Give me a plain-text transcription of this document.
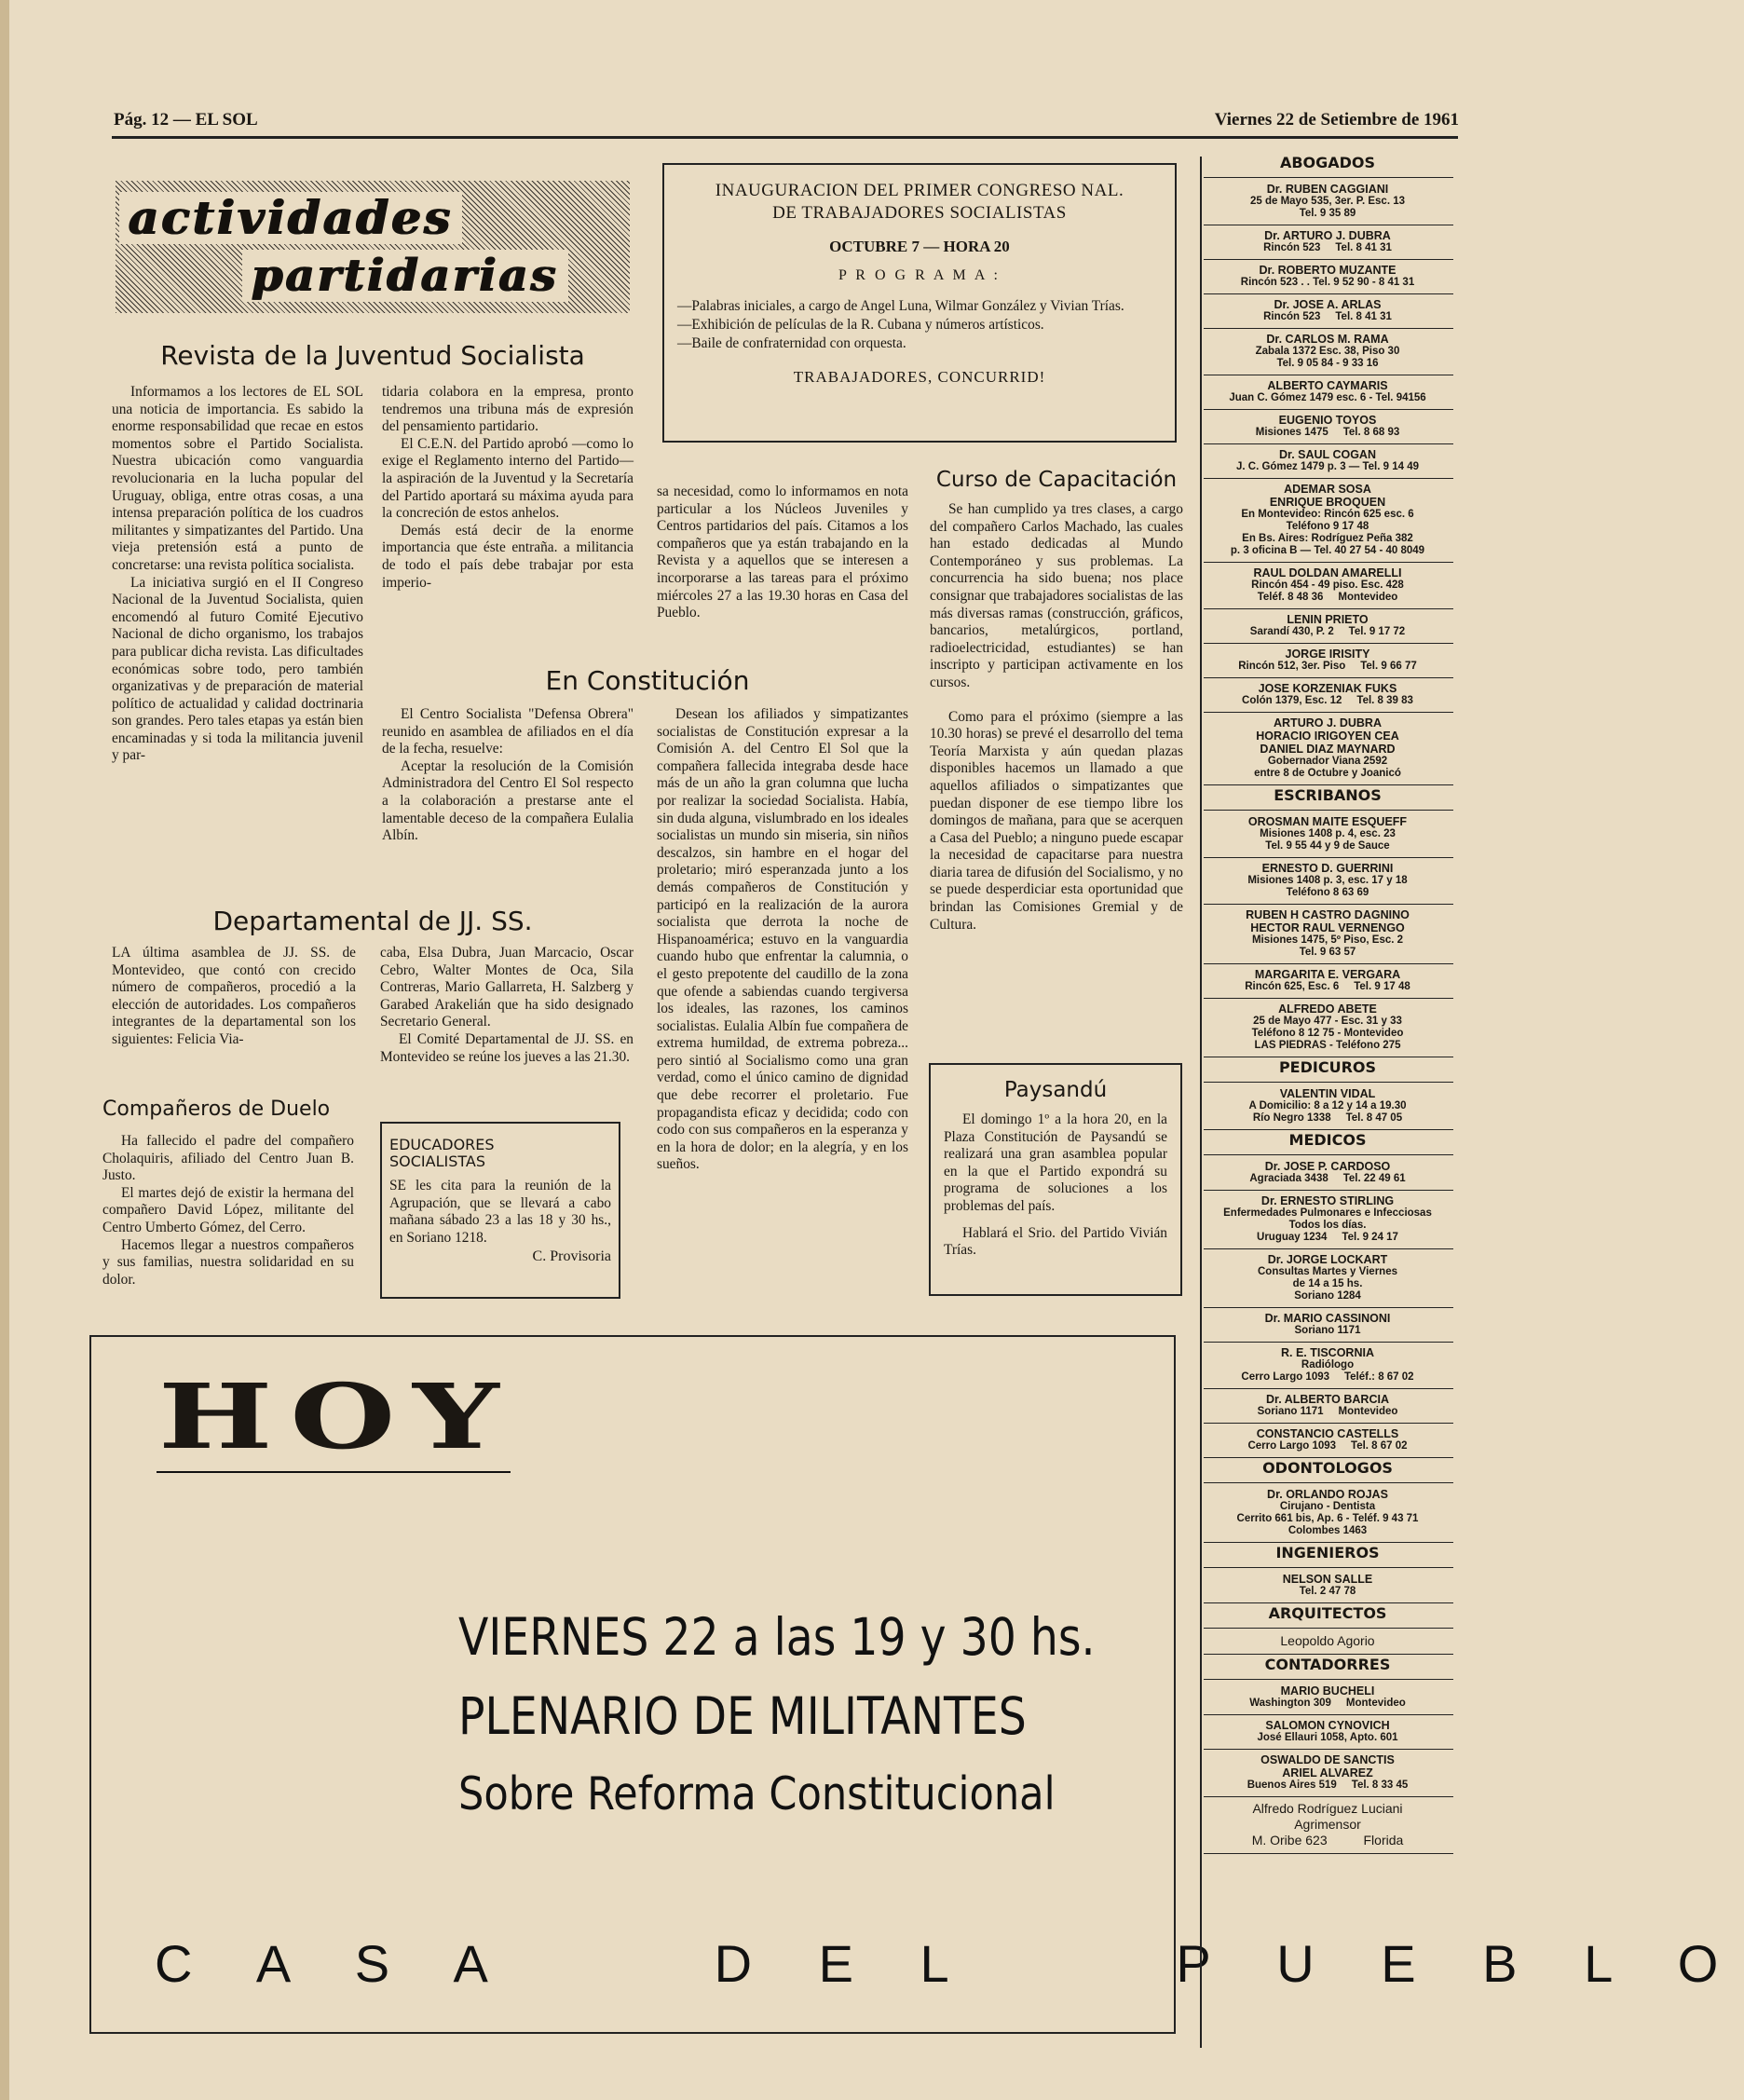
Pág. 12 — EL SOL	Viernes 22 de Setiembre de 1961
actividades
partidarias
Revista de la Juventud Socialista

Informamos a los lectores de EL SOL una noticia de importancia. Es sabido la enorme responsabilidad que recae en estos momentos sobre el Partido Socialista. Nuestra ubicación como vanguardia revolucionaria en la lucha popular del Uruguay, obliga, entre otras cosas, a una intensa preparación política de los cuadros militantes y simpatizantes del Partido. Una vieja pretensión está a punto de concretarse: una revista política socialista.

La iniciativa surgió en el II Congreso Nacional de la Juventud Socialista, quien encomendó al futuro Comité Ejecutivo Nacional de dicho organismo, los trabajos para publicar dicha revista. Las dificultades económicas sobre todo, pero también organizativas y de preparación de material político de actualidad y calidad doctrinaria son grandes. Pero tales etapas ya están bien encaminadas y si toda la militancia juvenil y par-

tidaria colabora en la empresa, pronto tendremos una tribuna más de expresión del pensamiento partidario.

El C.E.N. del Partido aprobó —como lo exige el Reglamento interno del Partido— la aspiración de la Juventud y la Secretaría del Partido aportará su máxima ayuda para la concreción de estos anhelos.

Demás está decir de la enorme importancia que éste entraña. a militancia de todo el país debe trabajar por esta imperio-

sa necesidad, como lo informamos en nota particular a los Núcleos Juveniles y Centros partidarios del país. Citamos a los compañeros que ya están trabajando en la Revista y a aquellos que se interesen a incorporarse a las tareas para el próximo miércoles 27 a las 19.30 horas en Casa del Pueblo.

INAUGURACION DEL PRIMER CONGRESO NAL.
DE TRABAJADORES SOCIALISTAS
OCTUBRE 7 — HORA 20
P R O G R A M A :
—Palabras iniciales, a cargo de Angel Luna, Wilmar González y Vivian Trías.
—Exhibición de películas de la R. Cubana y números artísticos.
—Baile de confraternidad con orquesta.
TRABAJADORES, CONCURRID!
Curso de Capacitación

Se han cumplido ya tres clases, a cargo del compañero Carlos Machado, las cuales han estado dedicadas al Mundo Contemporáneo y sus problemas. La concurrencia ha sido buena; nos place consignar que trabajadores socialistas de las más diversas ramas (construcción, gráficos, bancarios, metalúrgicos, portland, radioelectricidad, estudiantes) se han inscripto y participan activamente en los cursos.

Como para el próximo (siempre a las 10.30 horas) se prevé el desarrollo del tema Teoría Marxista y aún quedan plazas disponibles hacemos un llamado a que aquellos afiliados o simpatizantes que puedan disponer de ese tiempo libre los domingos de mañana, para que se acerquen a Casa del Pueblo; a ninguno puede escapar la necesidad de capacitarse para nuestra diaria tarea de difusión del Socialismo, y no se puede desperdiciar esta oportunidad que brindan las Comisiones Gremial y de Cultura.

En Constitución

El Centro Socialista "Defensa Obrera" reunido en asamblea de afiliados en el día de la fecha, resuelve:

Aceptar la resolución de la Comisión Administradora del Centro El Sol respecto a la colaboración a prestarse ante el lamentable deceso de la compañera Eulalia Albín.

Desean los afiliados y simpatizantes socialistas de Constitución expresar a la Comisión A. del Centro El Sol que la compañera fallecida integraba desde hace más de un año la gran columna que lucha por realizar la sociedad Socialista. Había, sin duda alguna, vislumbrado en los ideales socialistas un mundo sin miseria, sin niños descalzos, sin hambre en el hogar del proletario; miró esperanzada junto a los demás compañeros de Constitución y participó en la realización de la aurora socialista que derrota la noche de Hispanoamérica; estuvo en la vanguardia cuando hubo que enfrentar la calumnia, o el gesto prepotente del caudillo de la zona que ofende a sabiendas cuando tergiversa los ideales, las razones, los caminos socialistas. Eulalia Albín fue compañera de extrema humildad, de extrema pobreza... pero sintió al Socialismo como una gran verdad, como el único camino de dignidad que debe recorrer el proletario. Fue propagandista eficaz y decidida; codo con codo con sus compañeros en la esperanza y en la hora de dolor; en la alegría, y en los sueños.

Departamental de JJ. SS.

LA última asamblea de JJ. SS. de Montevideo, que contó con crecido número de compañeros, procedió a la elección de autoridades. Los compañeros integrantes de la departamental son los siguientes: Felicia Via-

caba, Elsa Dubra, Juan Marcacio, Oscar Cebro, Walter Montes de Oca, Sila Contreras, Mario Gallarreta, H. Salzberg y Garabed Arakelián que ha sido designado Secretario General.

El Comité Departamental de JJ. SS. en Montevideo se reúne los jueves a las 21.30.

Compañeros de Duelo

Ha fallecido el padre del compañero Cholaquiris, afiliado del Centro Juan B. Justo.

El martes dejó de existir la hermana del compañero David López, militante del Centro Umberto Gómez, del Cerro.

Hacemos llegar a nuestros compañeros y sus familias, nuestra solidaridad en su dolor.

EDUCADORES
SOCIALISTAS
SE les cita para la reunión de la Agrupación, que se llevará a cabo mañana sábado 23 a las 18 y 30 hs., en Soriano 1218.
C. Provisoria
Paysandú

El domingo 1º a la hora 20, en la Plaza Constitución de Paysandú se realizará una gran asamblea popular en la que el Partido expondrá su programa de soluciones a los problemas del país.

Hablará el Srio. del Partido Vivián Trías.

HOY
VIERNES 22 a las 19 y 30 hs.
PLENARIO DE MILITANTES
Sobre Reforma Constitucional
C A S A     D E L     P U E B L O
ABOGADOS
Dr. RUBEN CAGGIANI
25 de Mayo 535, 3er. P. Esc. 13
Tel. 9 35 89
Dr. ARTURO J. DUBRA
Rincón 523     Tel. 8 41 31
Dr. ROBERTO MUZANTE
Rincón 523 . . Tel. 9 52 90 - 8 41 31
Dr. JOSE A. ARLAS
Rincón 523     Tel. 8 41 31
Dr. CARLOS M. RAMA
Zabala 1372 Esc. 38, Piso 30
Tel. 9 05 84 - 9 33 16
ALBERTO CAYMARIS
Juan C. Gómez 1479 esc. 6 - Tel. 94156
EUGENIO TOYOS
Misiones 1475     Tel. 8 68 93
Dr. SAUL COGAN
J. C. Gómez 1479 p. 3 — Tel. 9 14 49
ADEMAR SOSA
ENRIQUE BROQUEN
En Montevideo: Rincón 625 esc. 6
Teléfono 9 17 48
En Bs. Aires: Rodríguez Peña 382
p. 3 oficina B — Tel. 40 27 54 - 40 8049
RAUL DOLDAN AMARELLI
Rincón 454 - 49 piso. Esc. 428
Teléf. 8 48 36     Montevideo
LENIN PRIETO
Sarandí 430, P. 2     Tel. 9 17 72
JORGE IRISITY
Rincón 512, 3er. Piso     Tel. 9 66 77
JOSE KORZENIAK FUKS
Colón 1379, Esc. 12     Tel. 8 39 83
ARTURO J. DUBRA
HORACIO IRIGOYEN CEA
DANIEL DIAZ MAYNARD
Gobernador Viana 2592
entre 8 de Octubre y Joanicó
ESCRIBANOS
OROSMAN MAITE ESQUEFF
Misiones 1408 p. 4, esc. 23
Tel. 9 55 44 y 9 de Sauce
ERNESTO D. GUERRINI
Misiones 1408 p. 3, esc. 17 y 18
Teléfono 8 63 69
RUBEN H CASTRO DAGNINO
HECTOR RAUL VERNENGO
Misiones 1475, 5º Piso, Esc. 2
Tel. 9 63 57
MARGARITA E. VERGARA
Rincón 625, Esc. 6     Tel. 9 17 48
ALFREDO ABETE
25 de Mayo 477 - Esc. 31 y 33
Teléfono 8 12 75 - Montevideo
LAS PIEDRAS - Teléfono 275
PEDICUROS
VALENTIN VIDAL
A Domicilio: 8 a 12 y 14 a 19.30
Río Negro 1338     Tel. 8 47 05
MEDICOS
Dr. JOSE P. CARDOSO
Agraciada 3438     Tel. 22 49 61
Dr. ERNESTO STIRLING
Enfermedades Pulmonares e Infecciosas
Todos los días.
Uruguay 1234     Tel. 9 24 17
Dr. JORGE LOCKART
Consultas Martes y Viernes
de 14 a 15 hs.
Soriano 1284
Dr. MARIO CASSINONI
Soriano 1171
R. E. TISCORNIA
Radiólogo
Cerro Largo 1093     Teléf.: 8 67 02
Dr. ALBERTO BARCIA
Soriano 1171     Montevideo
CONSTANCIO CASTELLS
Cerro Largo 1093     Tel. 8 67 02
ODONTOLOGOS
Dr. ORLANDO ROJAS
Cirujano - Dentista
Cerrito 661 bis, Ap. 6 - Teléf. 9 43 71
Colombes 1463
INGENIEROS
NELSON SALLE
Tel. 2 47 78
ARQUITECTOS
Leopoldo Agorio
CONTADORRES
MARIO BUCHELI
Washington 309     Montevideo
SALOMON CYNOVICH
José Ellauri 1058, Apto. 601
OSWALDO DE SANCTIS
ARIEL ALVAREZ
Buenos Aires 519     Tel. 8 33 45
Alfredo Rodríguez Luciani
Agrimensor
M. Oribe 623          Florida
